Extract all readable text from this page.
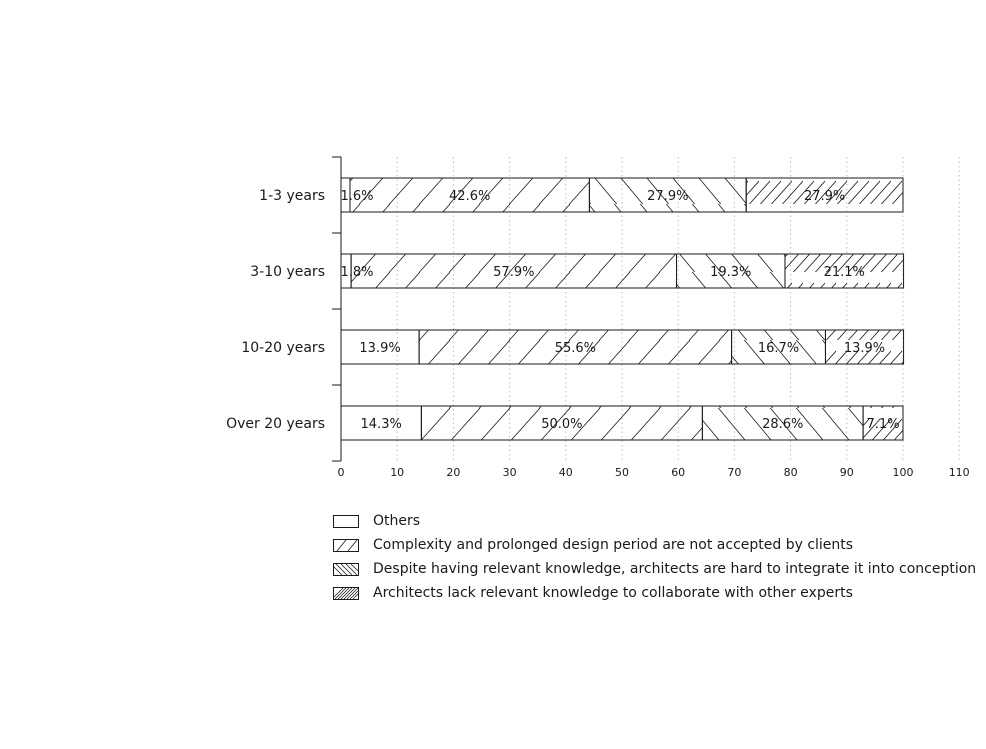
0	10	20	30	40	50	60	70	80	90	100	110
1-3 years
3-10 years
10-20 years
Over 20 years
1.6%	42.6%	27.9%	27.9%
1.8%	57.9%	19.3%	21.1%
13.9%	55.6%	16.7%	13.9%
14.3%	50.0%	28.6%	7.1%
Others
Complexity and prolonged design period are not accepted by clients
Despite having relevant knowledge, architects are hard to integrate it into conception
Architects lack relevant knowledge to collaborate with other experts
